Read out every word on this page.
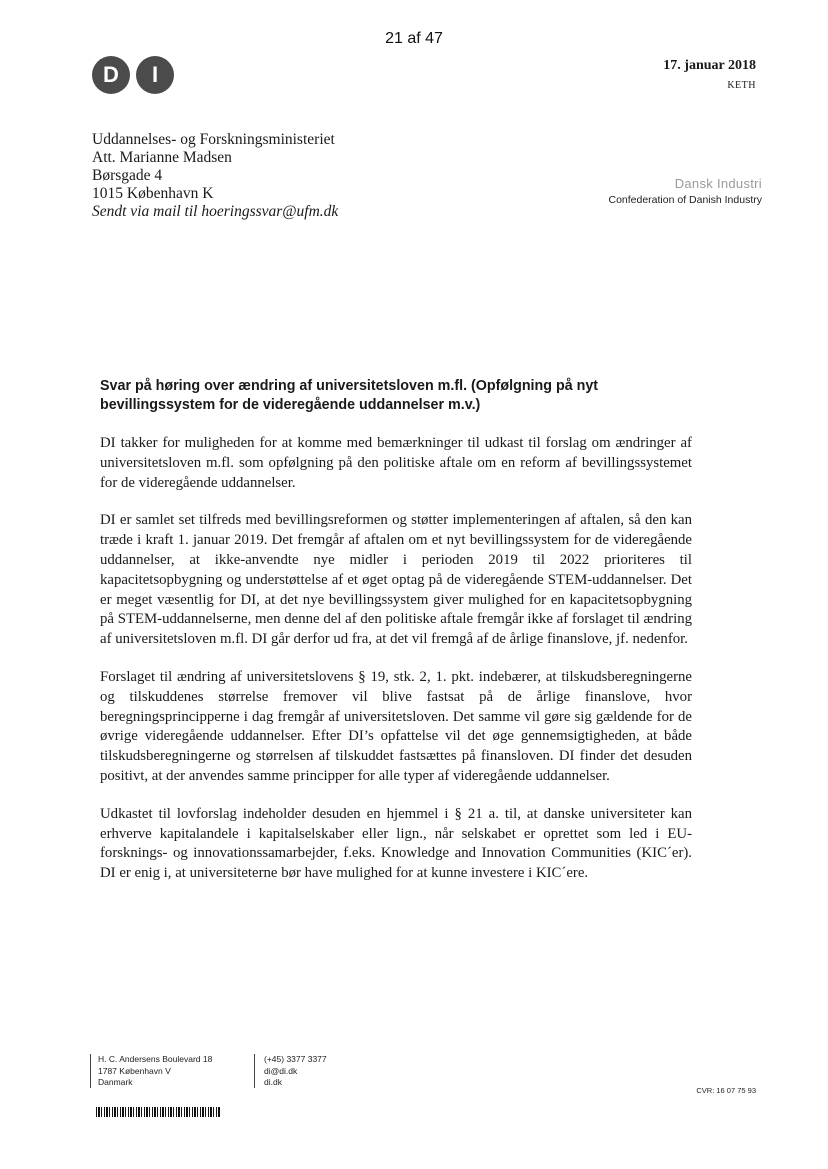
21 af 47
D	I	17. januar 2018
KETH
Uddannelses- og Forskningsministeriet
Att. Marianne Madsen
Børsgade 4
1015 København K
Sendt via mail til hoeringssvar@ufm.dk
Dansk Industri
Confederation of Danish Industry
Svar på høring over ændring af universitetsloven m.fl. (Opfølgning på nyt bevillingssystem for de videregående uddannelser m.v.)

DI takker for muligheden for at komme med bemærkninger til udkast til forslag om ændringer af universitetsloven m.fl. som opfølgning på den politiske aftale om en reform af bevillingssystemet for de videregående uddannelser.

DI er samlet set tilfreds med bevillingsreformen og støtter implementeringen af aftalen, så den kan træde i kraft 1. januar 2019. Det fremgår af aftalen om et nyt bevillingssystem for de videregående uddannelser, at ikke-anvendte nye midler i perioden 2019 til 2022 prioriteres til kapacitetsopbygning og understøttelse af et øget optag på de videregående STEM-uddannelser. Det er meget væsentlig for DI, at det nye bevillingssystem giver mulighed for en kapacitetsopbygning på STEM-uddannelserne, men denne del af den politiske aftale fremgår ikke af forslaget til ændring af universitetsloven m.fl. DI går derfor ud fra, at det vil fremgå af de årlige finanslove, jf. nedenfor.

Forslaget til ændring af universitetslovens § 19, stk. 2, 1. pkt. indebærer, at tilskudsberegningerne og tilskuddenes størrelse fremover vil blive fastsat på de årlige finanslove, hvor beregningsprincipperne i dag fremgår af universitetsloven. Det samme vil gøre sig gældende for de øvrige videregående uddannelser. Efter DI’s opfattelse vil det øge gennemsigtigheden, at både tilskudsberegningerne og størrelsen af tilskuddet fastsættes på finansloven. DI finder det desuden positivt, at der anvendes samme principper for alle typer af videregående uddannelser.

Udkastet til lovforslag indeholder desuden en hjemmel i § 21 a. til, at danske universiteter kan erhverve kapitalandele i kapitalselskaber eller lign., når selskabet er oprettet som led i EU-forsknings- og innovationssamarbejder, f.eks. Knowledge and Innovation Communities (KIC´er). DI er enig i, at universiteterne bør have mulighed for at kunne investere i KIC´ere.

H. C. Andersens Boulevard 18
1787 København V
Danmark
(+45) 3377 3377
di@di.dk
di.dk
CVR: 16 07 75 93
